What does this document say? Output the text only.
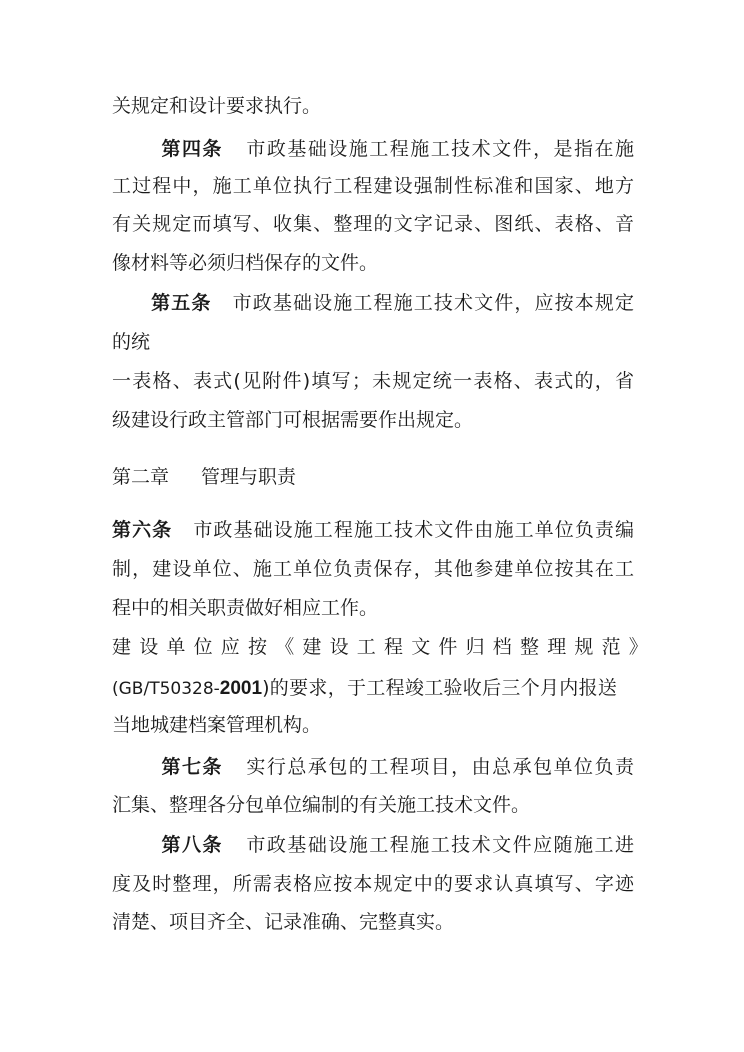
关规定和设计要求执行。
第四条 市政基础设施工程施工技术文件，是指在施
工过程中，施工单位执行工程建设强制性标准和国家、地方
有关规定而填写、收集、整理的文字记录、图纸、表格、音
像材料等必须归档保存的文件。
第五条 市政基础设施工程施工技术文件，应按本规定
的统
一表格、表式(见附件)填写；未规定统一表格、表式的，省
级建设行政主管部门可根据需要作出规定。
第二章 管理与职责
第六条 市政基础设施工程施工技术文件由施工单位负责编
制，建设单位、施工单位负责保存，其他参建单位按其在工
程中的相关职责做好相应工作。
建设单位应按《建设工程文件归档整理规范》
(GB/T50328-2001)的要求，于工程竣工验收后三个月内报送
当地城建档案管理机构。
第七条 实行总承包的工程项目，由总承包单位负责
汇集、整理各分包单位编制的有关施工技术文件。
第八条 市政基础设施工程施工技术文件应随施工进
度及时整理，所需表格应按本规定中的要求认真填写、字迹
清楚、项目齐全、记录准确、完整真实。
